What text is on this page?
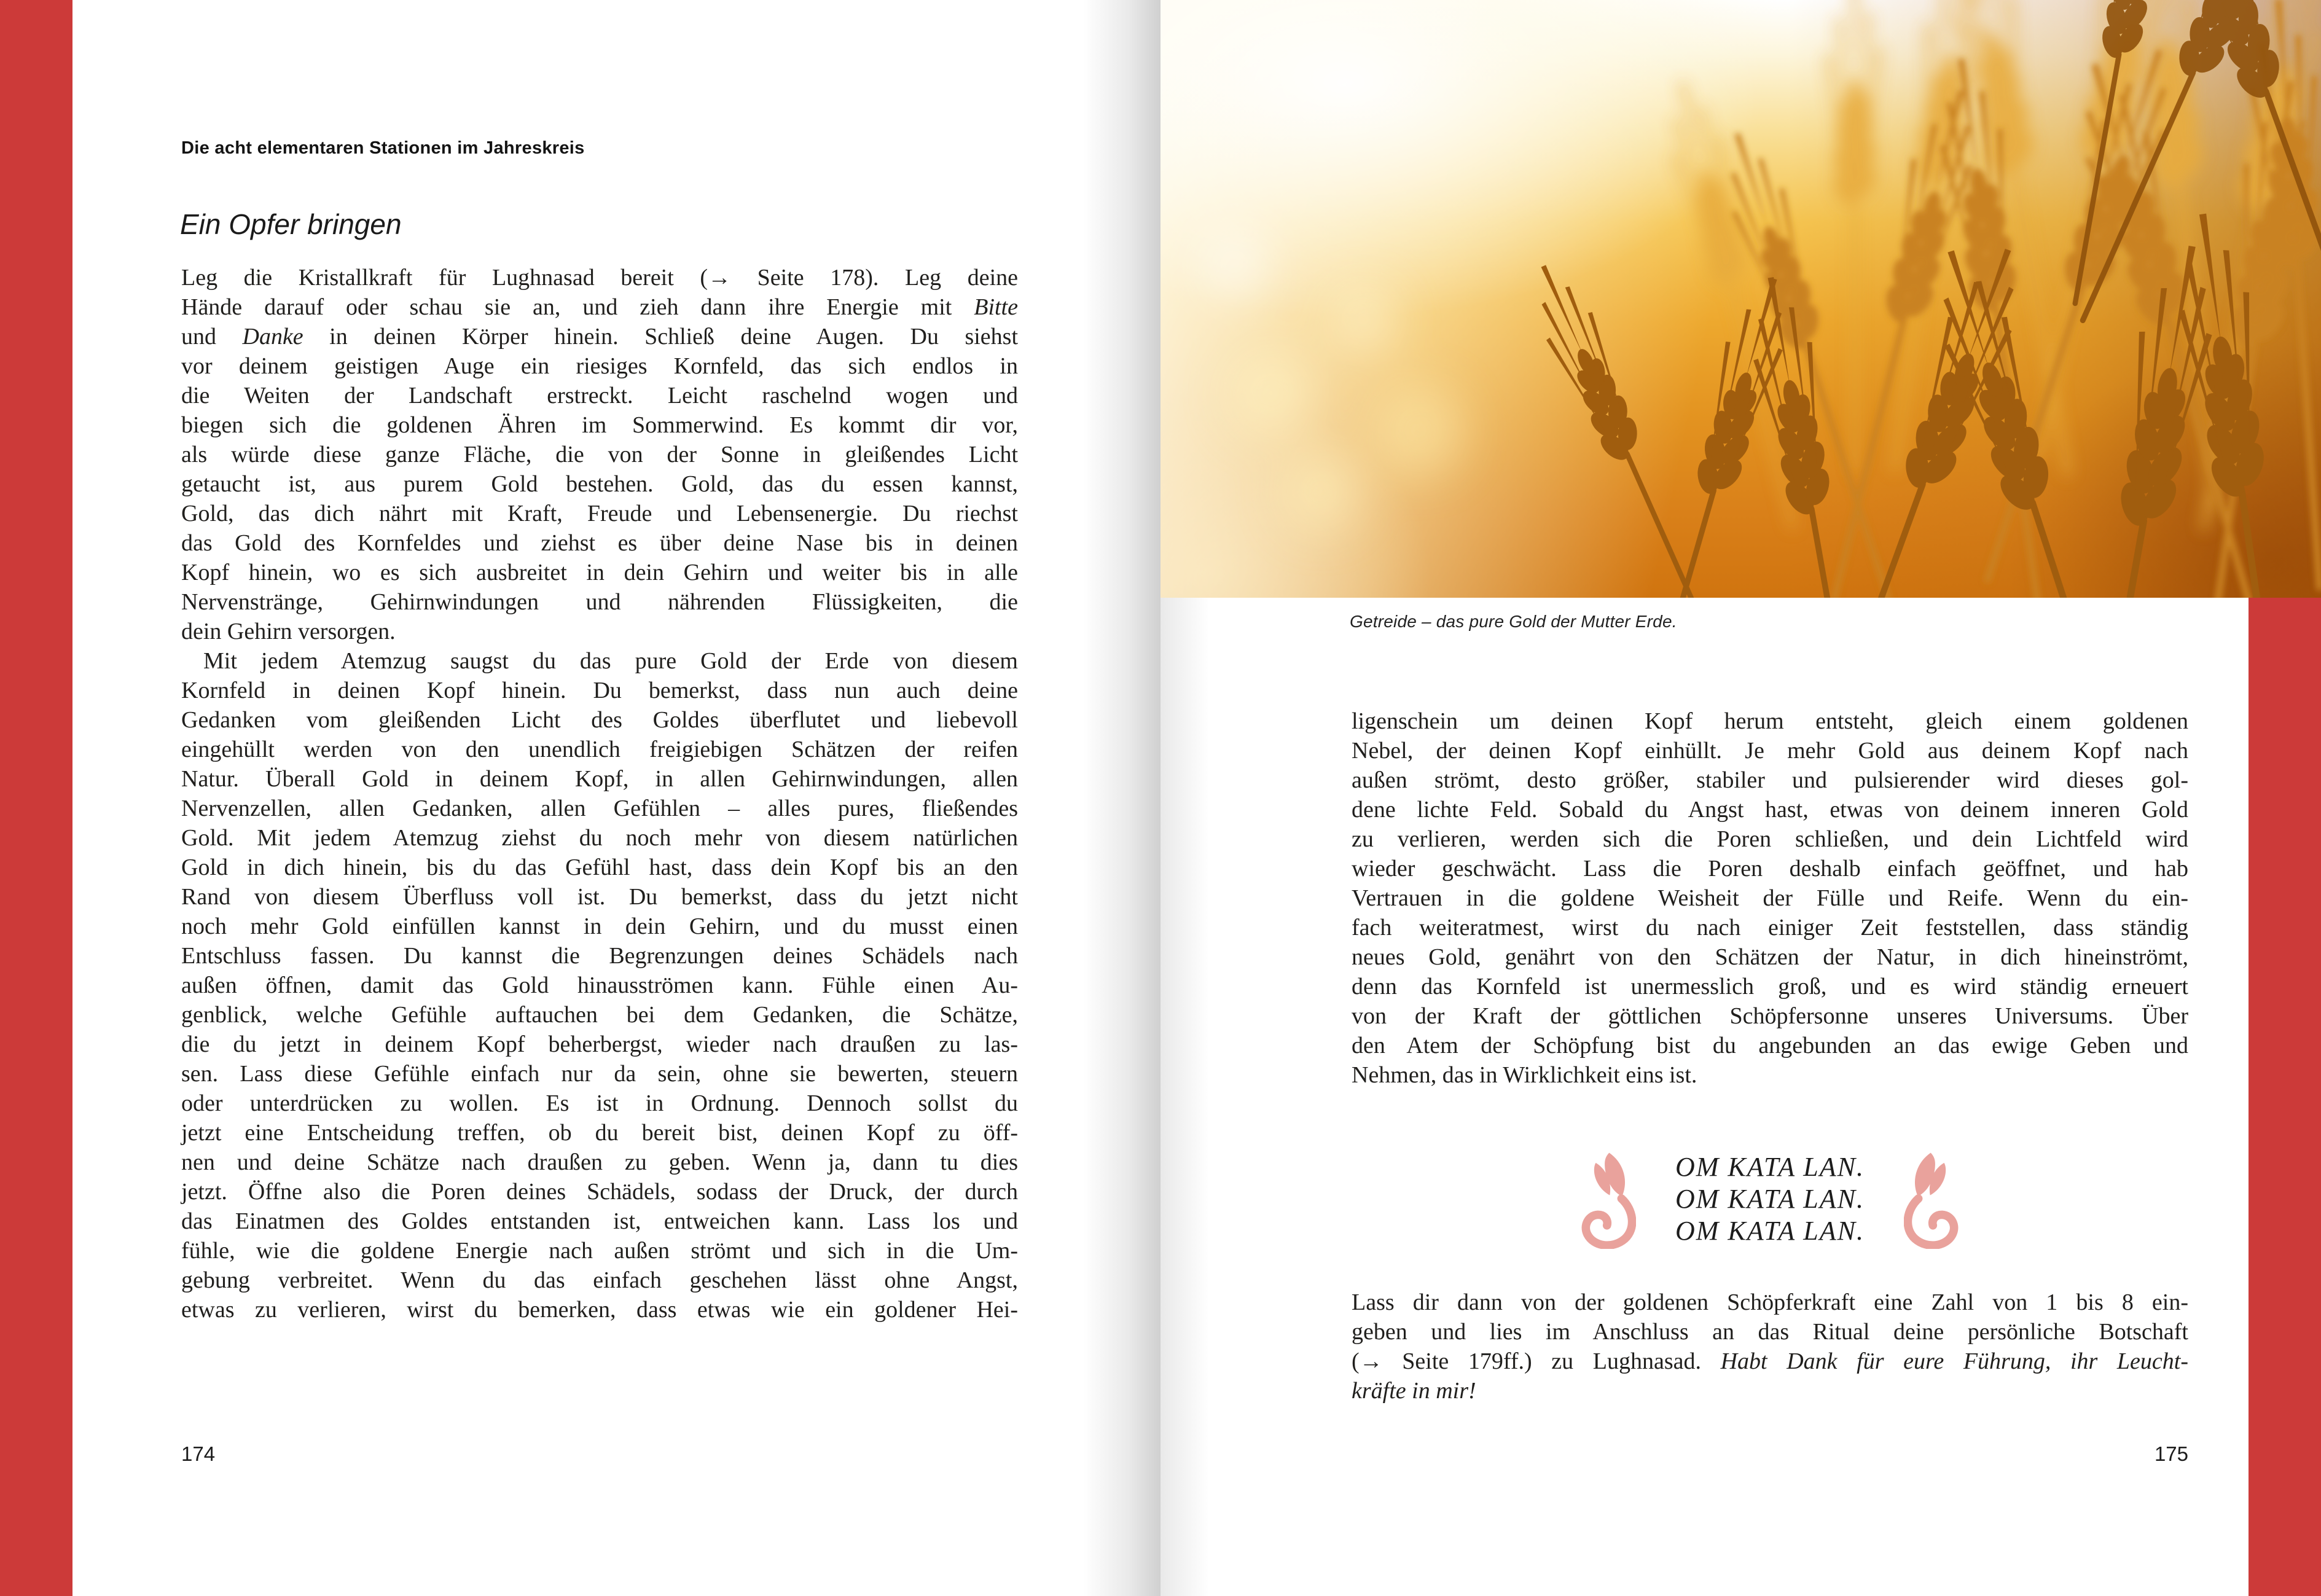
Die acht elementaren Stationen im Jahreskreis
Ein Opfer bringen
Leg die Kristallkraft für Lughnasad bereit (→ Seite 178). Leg deine
Hände darauf oder schau sie an, und zieh dann ihre Energie mit Bitte
und Danke in deinen Körper hinein. Schließ deine Augen. Du siehst
vor deinem geistigen Auge ein riesiges Kornfeld, das sich endlos in
die Weiten der Landschaft erstreckt. Leicht raschelnd wogen und
biegen sich die goldenen Ähren im Sommerwind. Es kommt dir vor,
als würde diese ganze Fläche, die von der Sonne in gleißendes Licht
getaucht ist, aus purem Gold bestehen. Gold, das du essen kannst,
Gold, das dich nährt mit Kraft, Freude und Lebensenergie. Du riechst
das Gold des Kornfeldes und ziehst es über deine Nase bis in deinen
Kopf hinein, wo es sich ausbreitet in dein Gehirn und weiter bis in alle
Nervenstränge, Gehirnwindungen und nährenden Flüssigkeiten, die
dein Gehirn versorgen.
Mit jedem Atemzug saugst du das pure Gold der Erde von diesem
Kornfeld in deinen Kopf hinein. Du bemerkst, dass nun auch deine
Gedanken vom gleißenden Licht des Goldes überflutet und liebevoll
eingehüllt werden von den unendlich freigiebigen Schätzen der reifen
Natur. Überall Gold in deinem Kopf, in allen Gehirnwindungen, allen
Nervenzellen, allen Gedanken, allen Gefühlen – alles pures, fließendes
Gold. Mit jedem Atemzug ziehst du noch mehr von diesem natürlichen
Gold in dich hinein, bis du das Gefühl hast, dass dein Kopf bis an den
Rand von diesem Überfluss voll ist. Du bemerkst, dass du jetzt nicht
noch mehr Gold einfüllen kannst in dein Gehirn, und du musst einen
Entschluss fassen. Du kannst die Begrenzungen deines Schädels nach
außen öffnen, damit das Gold hinausströmen kann. Fühle einen Au-
genblick, welche Gefühle auftauchen bei dem Gedanken, die Schätze,
die du jetzt in deinem Kopf beherbergst, wieder nach draußen zu las-
sen. Lass diese Gefühle einfach nur da sein, ohne sie bewerten, steuern
oder unterdrücken zu wollen. Es ist in Ordnung. Dennoch sollst du
jetzt eine Entscheidung treffen, ob du bereit bist, deinen Kopf zu öff-
nen und deine Schätze nach draußen zu geben. Wenn ja, dann tu dies
jetzt. Öffne also die Poren deines Schädels, sodass der Druck, der durch
das Einatmen des Goldes entstanden ist, entweichen kann. Lass los und
fühle, wie die goldene Energie nach außen strömt und sich in die Um-
gebung verbreitet. Wenn du das einfach geschehen lässt ohne Angst,
etwas zu verlieren, wirst du bemerken, dass etwas wie ein goldener Hei-
174
Getreide – das pure Gold der Mutter Erde.
ligenschein um deinen Kopf herum entsteht, gleich einem goldenen
Nebel, der deinen Kopf einhüllt. Je mehr Gold aus deinem Kopf nach
außen strömt, desto größer, stabiler und pulsierender wird dieses gol-
dene lichte Feld. Sobald du Angst hast, etwas von deinem inneren Gold
zu verlieren, werden sich die Poren schließen, und dein Lichtfeld wird
wieder geschwächt. Lass die Poren deshalb einfach geöffnet, und hab
Vertrauen in die goldene Weisheit der Fülle und Reife. Wenn du ein-
fach weiteratmest, wirst du nach einiger Zeit feststellen, dass ständig
neues Gold, genährt von den Schätzen der Natur, in dich hineinströmt,
denn das Kornfeld ist unermesslich groß, und es wird ständig erneuert
von der Kraft der göttlichen Schöpfersonne unseres Universums. Über
den Atem der Schöpfung bist du angebunden an das ewige Geben und
Nehmen, das in Wirklichkeit eins ist.
OM KATA LAN.
OM KATA LAN.
OM KATA LAN.
Lass dir dann von der goldenen Schöpferkraft eine Zahl von 1 bis 8 ein-
geben und lies im Anschluss an das Ritual deine persönliche Botschaft
(→ Seite 179ff.) zu Lughnasad. Habt Dank für eure Führung, ihr Leucht-
kräfte in mir!
175
